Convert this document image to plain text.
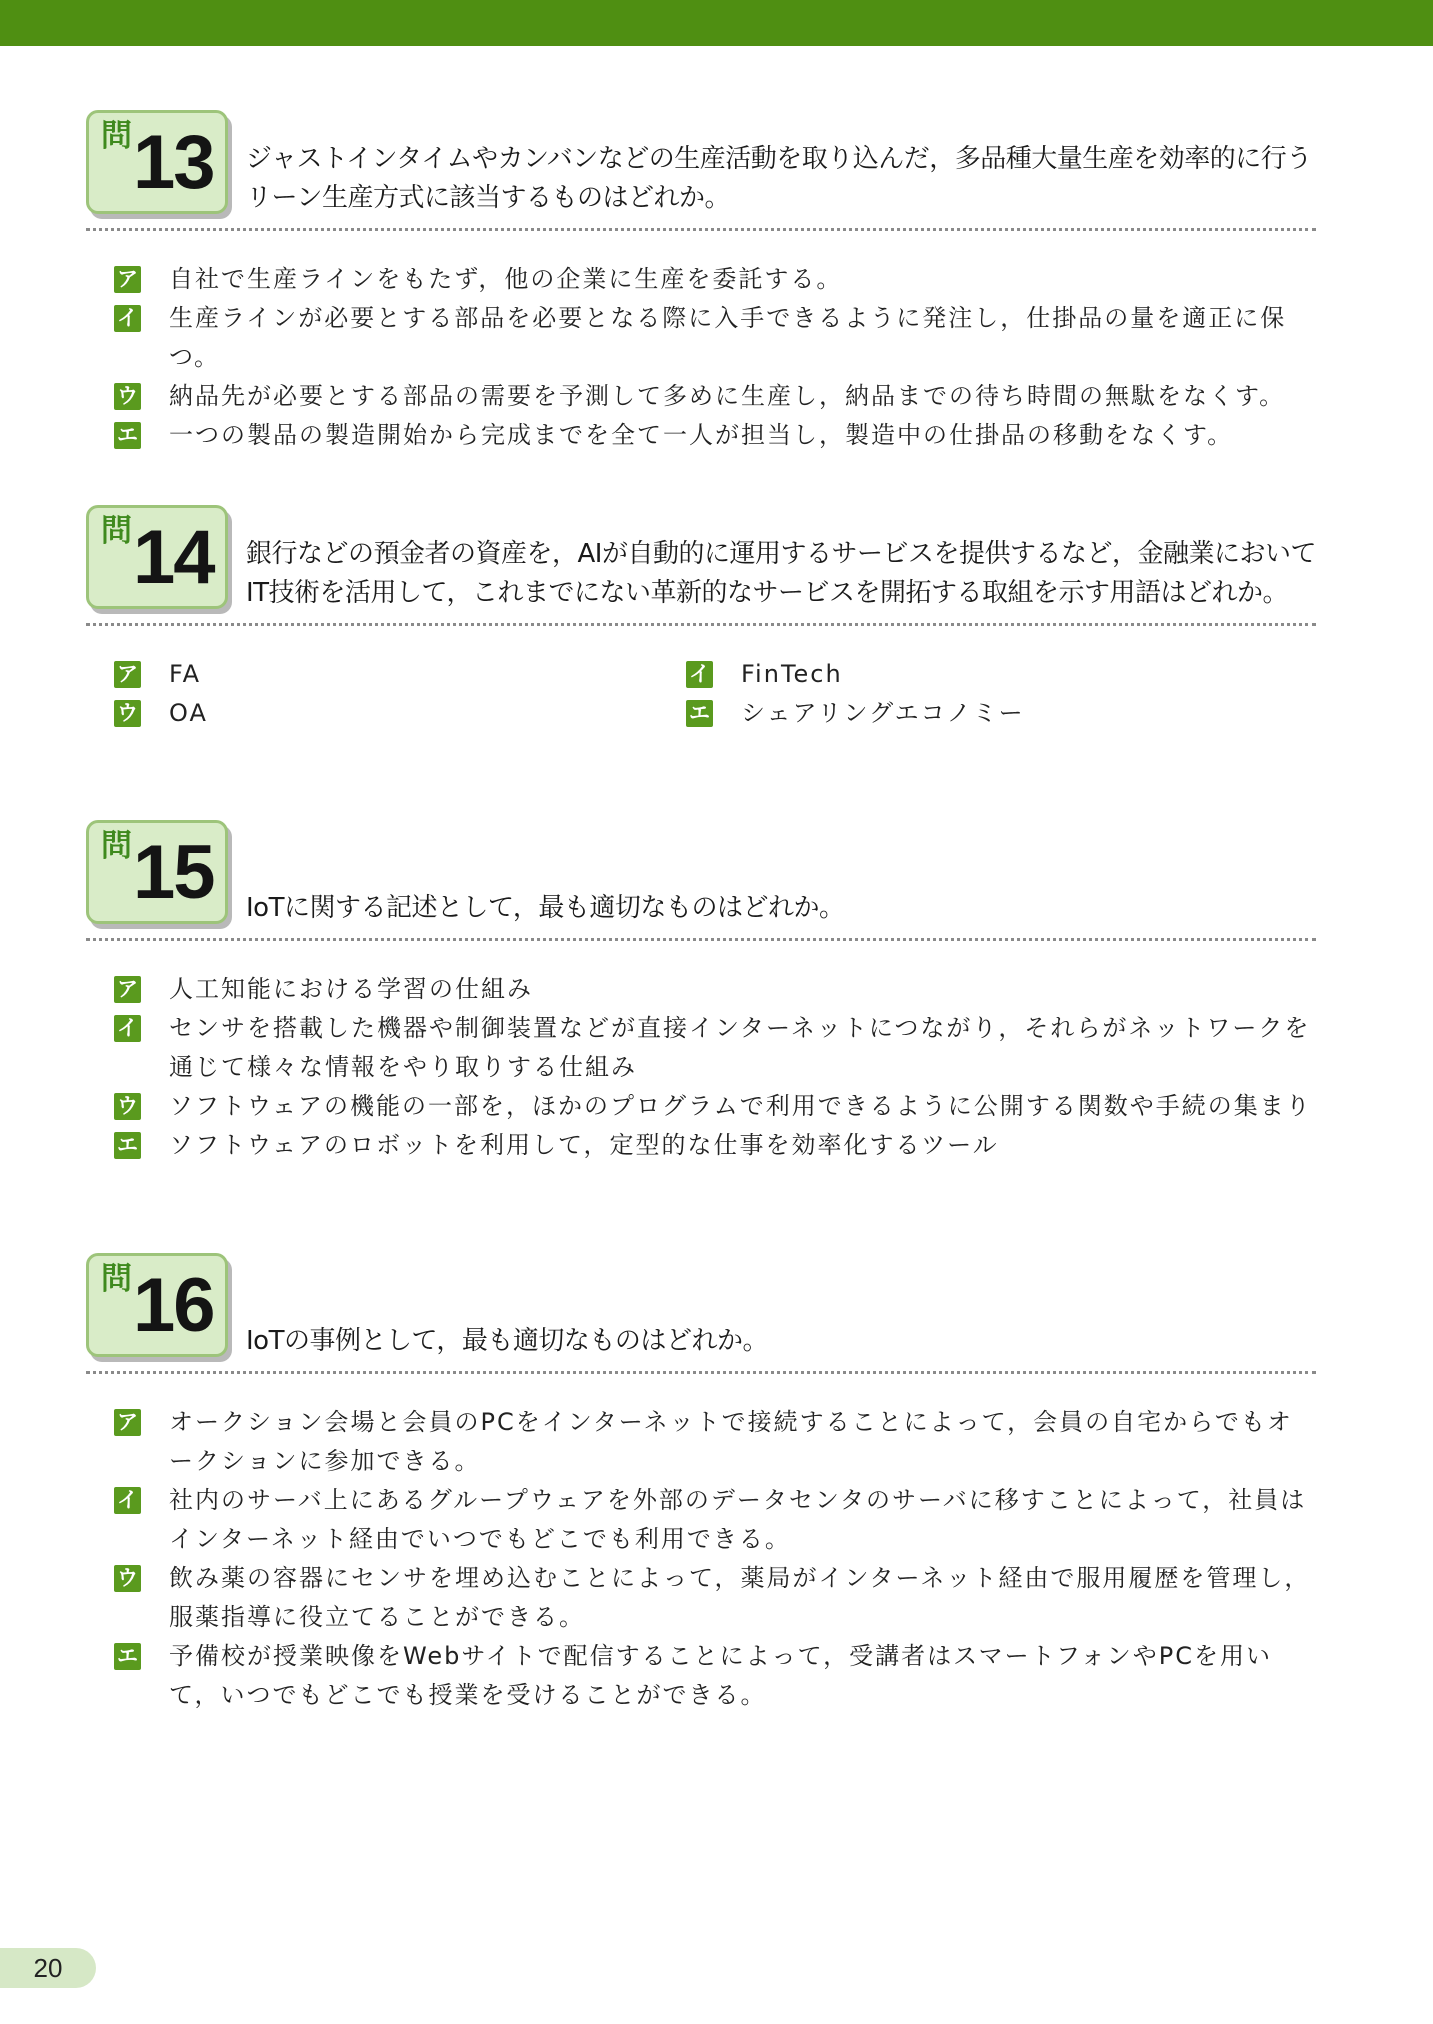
問 13 ジャストインタイムやカンバンなどの生産活動を取り込んだ，多品種大量生産を効率的に行うリーン生産方式に該当するものはどれか。
ア 自社で生産ラインをもたず，他の企業に生産を委託する。
イ 生産ラインが必要とする部品を必要となる際に入手できるように発注し，仕掛品の量を適正に保つ。
ウ 納品先が必要とする部品の需要を予測して多めに生産し，納品までの待ち時間の無駄をなくす。
エ 一つの製品の製造開始から完成までを全て一人が担当し，製造中の仕掛品の移動をなくす。
問 14 銀行などの預金者の資産を，AIが自動的に運用するサービスを提供するなど，金融業においてIT技術を活用して，これまでにない革新的なサービスを開拓する取組を示す用語はどれか。
ア FA	イ FinTech
ウ OA	エ シェアリングエコノミー
問 15 IoTに関する記述として，最も適切なものはどれか。
ア 人工知能における学習の仕組み
イ センサを搭載した機器や制御装置などが直接インターネットにつながり，それらがネットワークを通じて様々な情報をやり取りする仕組み
ウ ソフトウェアの機能の一部を，ほかのプログラムで利用できるように公開する関数や手続の集まり
エ ソフトウェアのロボットを利用して，定型的な仕事を効率化するツール
問 16 IoTの事例として，最も適切なものはどれか。
ア オークション会場と会員のPCをインターネットで接続することによって，会員の自宅からでもオークションに参加できる。
イ 社内のサーバ上にあるグループウェアを外部のデータセンタのサーバに移すことによって，社員はインターネット経由でいつでもどこでも利用できる。
ウ 飲み薬の容器にセンサを埋め込むことによって，薬局がインターネット経由で服用履歴を管理し，服薬指導に役立てることができる。
エ 予備校が授業映像をWebサイトで配信することによって，受講者はスマートフォンやPCを用いて，いつでもどこでも授業を受けることができる。
20
